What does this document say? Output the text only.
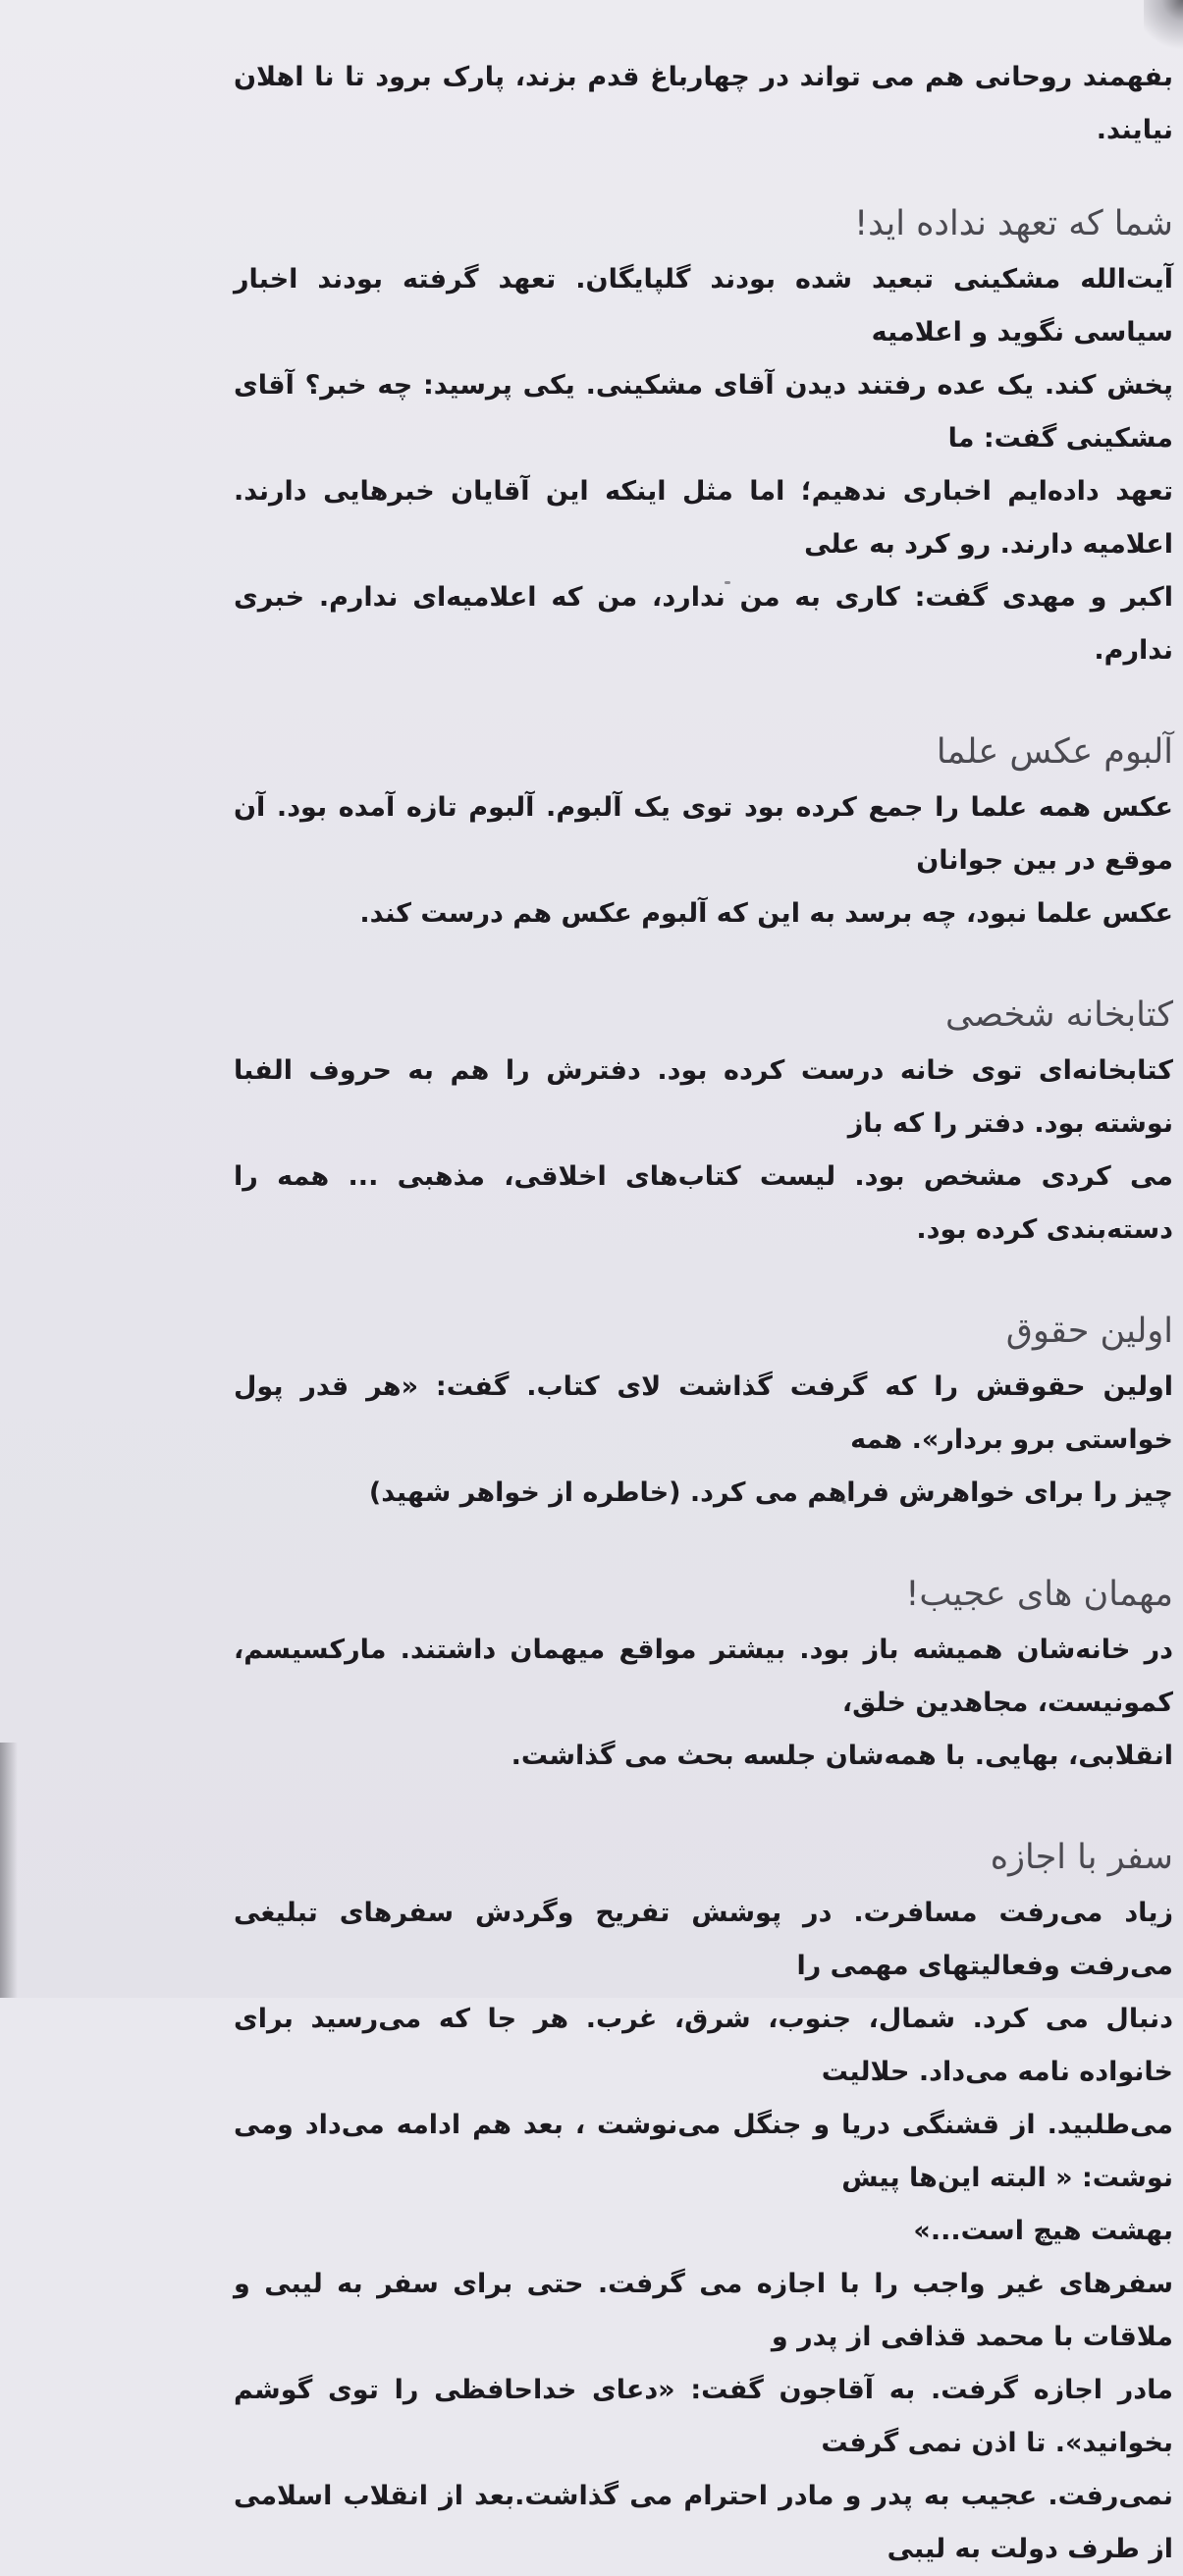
بفهمند روحانی هم می تواند در چهارباغ قدم بزند، پارک برود تا نا اهلان نیایند.

شما که تعهد نداده اید!

آیت‌الله مشکینی تبعید شده بودند گلپایگان. تعهد گرفته بودند اخبار سیاسی نگوید و اعلامیه

پخش کند. یک عده رفتند دیدن آقای مشکینی. یکی پرسید: چه خبر؟ آقای مشکینی گفت: ما

تعهد داده‌ایم اخباری ندهیم؛ اما مثل اینکه این آقایان خبرهایی دارند. اعلامیه دارند. رو کرد به علی

اکبر و مهدی گفت: کاری به من ندارد، من که اعلامیه‌ای ندارم. خبری ندارم.

آلبوم عکس علما

عکس همه علما را جمع کرده بود توی یک آلبوم. آلبوم تازه آمده بود. آن موقع در بین جوانان

عکس علما نبود، چه برسد به این که آلبوم عکس هم درست کند.

کتابخانه شخصی

کتابخانه‌ای توی خانه درست کرده بود. دفترش را هم به حروف الفبا نوشته بود. دفتر را که باز

می کردی مشخص بود. لیست کتاب‌های اخلاقی، مذهبی ... همه را دسته‌بندی کرده بود.

اولین حقوق

اولین حقوقش را که گرفت گذاشت لای کتاب. گفت: «هر قدر پول خواستی برو بردار». همه

چیز را برای خواهرش فراهم می کرد. (خاطره از خواهر شهید)

مهمان های عجیب!

در خانه‌شان همیشه باز بود. بیشتر مواقع میهمان داشتند. مارکسیسم، کمونیست، مجاهدین خلق،

انقلابی، بهایی. با همه‌شان جلسه بحث می گذاشت.

سفر با اجازه

زیاد می‌رفت مسافرت. در پوشش تفریح وگردش سفرهای تبلیغی می‌رفت وفعالیتهای مهمی را

دنبال می کرد. شمال، جنوب، شرق، غرب. هر جا که می‌رسید برای خانواده نامه می‌داد. حلالیت

می‌طلبید. از قشنگی دریا و جنگل می‌نوشت ، بعد هم ادامه می‌داد ومی نوشت: « البته این‌ها پیش

بهشت هیچ است...»

سفرهای غیر واجب را با اجازه می گرفت. حتی برای سفر به لیبی و ملاقات با محمد قذافی از پدر و

مادر اجازه گرفت. به آقاجون گفت: «دعای خداحافظی را توی گوشم بخوانید». تا اذن نمی گرفت

نمی‌رفت. عجیب به پدر و مادر احترام می گذاشت.بعد از انقلاب اسلامی از طرف دولت به لیبی
